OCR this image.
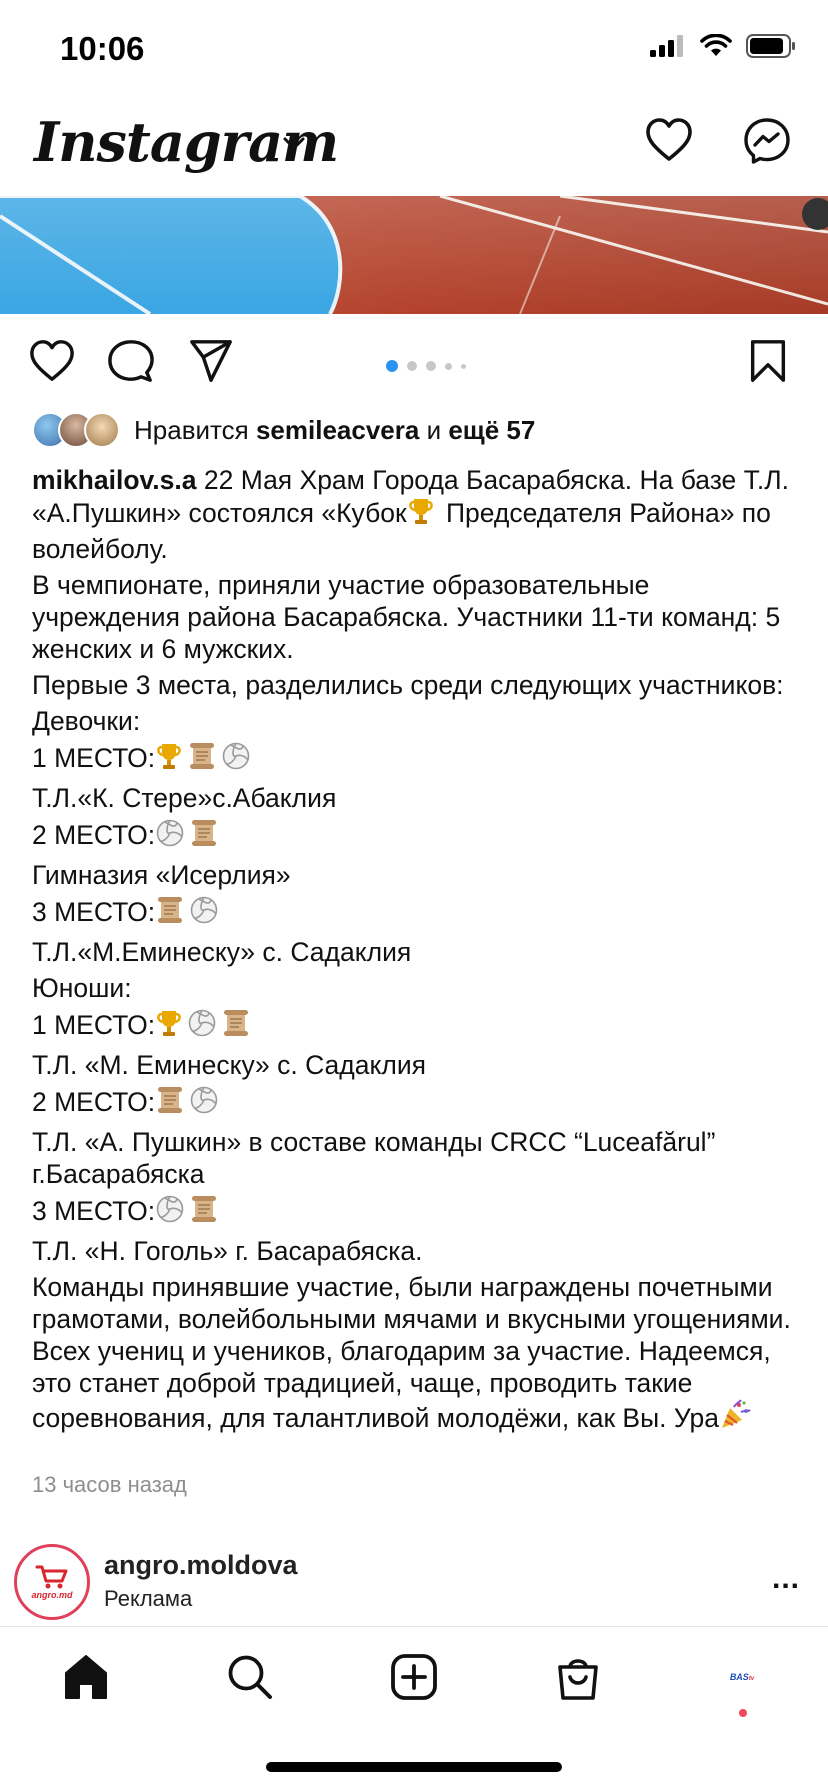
10:06
Instagram
Нравится semileacvera и ещё 57

mikhailov.s.a 22 Мая Храм Города Басарабяска. На базе Т.Л. «А.Пушкин» состоялся «Кубок Председателя Района» по волейболу.

В чемпионате, приняли участие образовательные учреждения района Басарабяска. Участники 11-ти команд: 5 женских и 6 мужских.

Первые 3 места, разделились среди следующих участников:

Девочки:

1 МЕСТО:

Т.Л.«К. Стере»с.Абаклия

2 МЕСТО:

Гимназия «Исерлия»

3 МЕСТО:

Т.Л.«М.Еминеску» с. Садаклия

Юноши:

1 МЕСТО:

Т.Л. «М. Еминеску» с. Садаклия

2 МЕСТО:

Т.Л. «А. Пушкин» в составе команды CRCC “Luceafărul” г.Басарабяска

3 МЕСТО:

Т.Л. «Н. Гоголь» г. Басарабяска.

Команды принявшие участие, были награждены почетными грамотами, волейбольными мячами и вкусными угощениями. Всех учениц и учеников, благодарим за участие. Надеемся, это станет доброй традицией, чаще, проводить такие соревнования, для талантливой молодёжи, как Вы. Ура

13 часов назад
angro.md
angro.moldova
Реклама
...
BAStv
